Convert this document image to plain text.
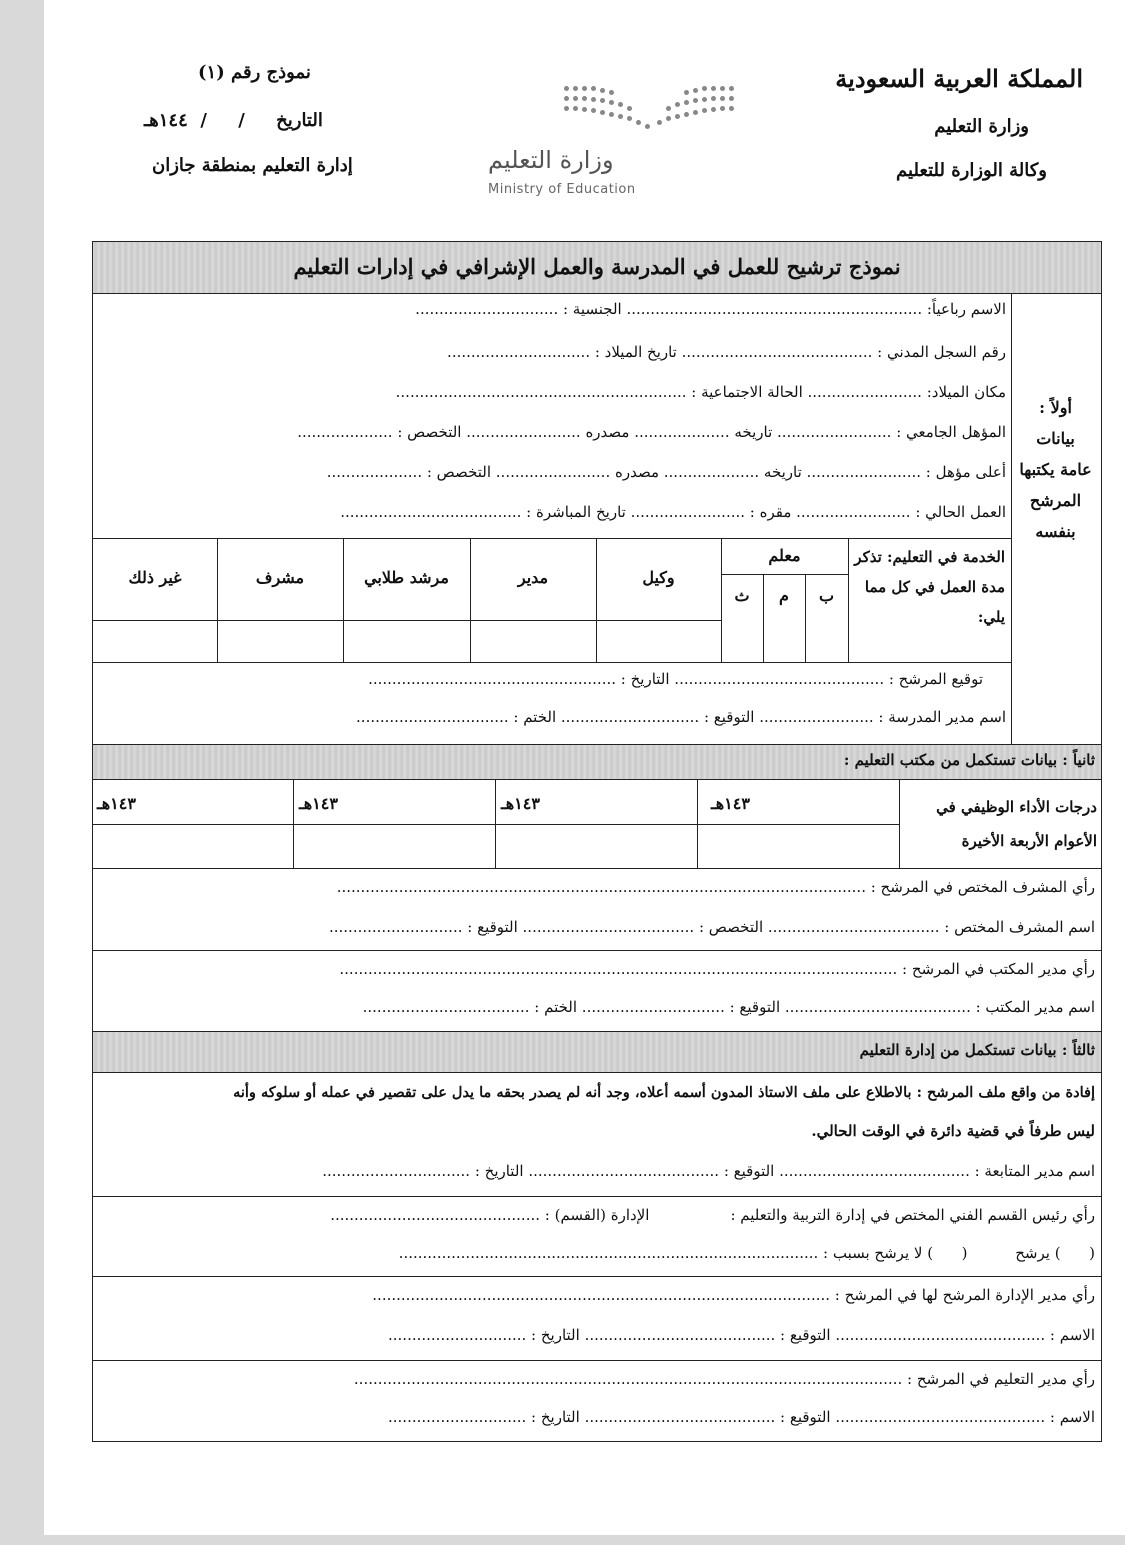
المملكة العربية السعودية
وزارة التعليم
وكالة الوزارة للتعليم
نموذج رقم (١)
التاريخ     /     /  ١٤٤هـ
إدارة التعليم بمنطقة جازان	وزارة التعليم
Ministry of Education
نموذج ترشيح للعمل في المدرسة والعمل الإشرافي في إدارات التعليم
أولاً : بيانات عامة يكتبها المرشح بنفسه
الاسم رباعياً: .............................................................. الجنسية : ..............................
رقم السجل المدني : ........................................ تاريخ الميلاد : ..............................
مكان الميلاد: ........................ الحالة الاجتماعية : .............................................................
المؤهل الجامعي : ........................ تاريخه .................... مصدره ........................ التخصص : ....................
أعلى مؤهل : ........................ تاريخه .................... مصدره ........................ التخصص : ....................
العمل الحالي : ........................ مقره : ........................ تاريخ المباشرة : ......................................
الخدمة في التعليم: تذكر مدة العمل في كل مما يلي:
معلم
ب
م
ث
وكيل
مدير
مرشد طلابي
مشرف
غير ذلك
توقيع المرشح : ............................................ التاريخ : ....................................................
اسم مدير المدرسة : ........................ التوقيع : ............................. الختم : ................................
ثانياً : بيانات تستكمل من مكتب التعليم :
درجات الأداء الوظيفي في الأعوام الأربعة الأخيرة
١٤٣هـ
١٤٣هـ
١٤٣هـ
١٤٣هـ
رأي المشرف المختص في المرشح : ...............................................................................................................
اسم المشرف المختص : .................................... التخصص : .................................... التوقيع : ............................
رأي مدير المكتب في المرشح : .....................................................................................................................
اسم مدير المكتب : ....................................... التوقيع : .............................. الختم : ...................................
ثالثاً : بيانات تستكمل من إدارة التعليم
إفادة من واقع ملف المرشح : بالاطلاع على ملف الاستاذ المدون أسمه أعلاه، وجد أنه لم يصدر بحقه ما يدل على تقصير في عمله أو سلوكه وأنه
ليس طرفاً في قضية دائرة في الوقت الحالي.
اسم مدير المتابعة : ........................................ التوقيع : ........................................ التاريخ : ...............................
رأي رئيس القسم الفني المختص في إدارة التربية والتعليم :                 الإدارة (القسم) : ............................................
(      ) يرشح          (      ) لا يرشح بسبب : ........................................................................................
رأي مدير الإدارة المرشح لها في المرشح : ................................................................................................
الاسم : ............................................ التوقيع : ........................................ التاريخ : .............................
رأي مدير التعليم في المرشح : ...................................................................................................................
الاسم : ............................................ التوقيع : ........................................ التاريخ : .............................
